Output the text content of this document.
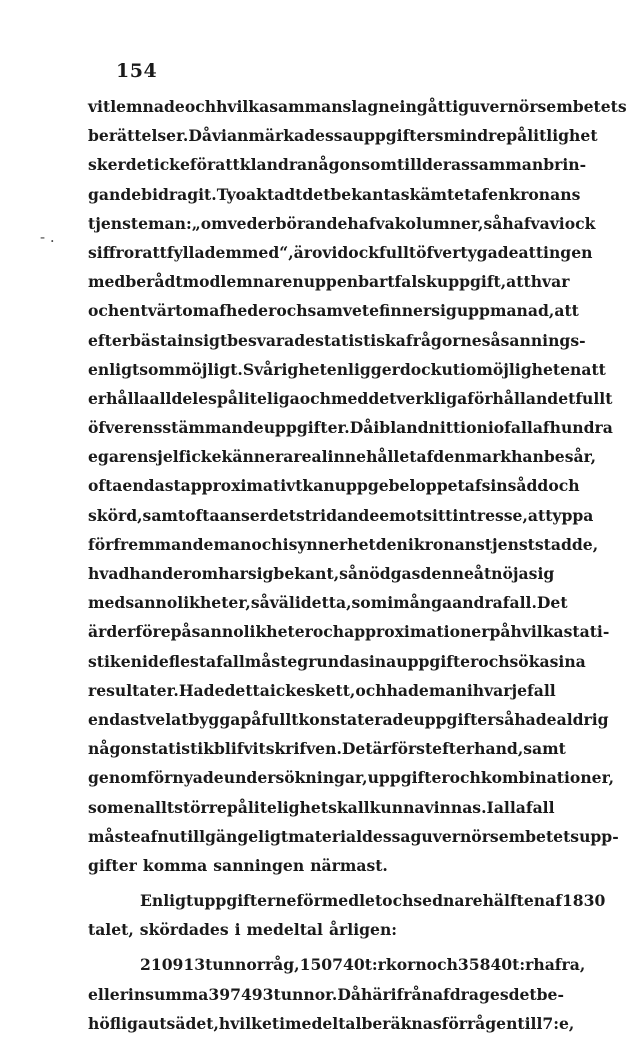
154
- .
vit lemnade och hvilka sammanslagne ingått i guvernörsembetets
berättelser. Då vi anmärka dessa uppgifters mindre pålitlighet
sker det icke för att klandra någon som till deras sammanbrin-
gande bidragit. Ty oaktadt det bekanta skämtet af en kronans
tjensteman: „om vederbörande hafva kolumner, så hafva vi ock
siffror att fylla dem med“, äro vi dock fullt öfvertygade att ingen
med berådt mod lemnar en uppenbart falsk uppgift, att hvar
och en tvärtom af heder och samvete finner sig uppmanad, att
efter bästa insigt besvara de statistiska frågorne så sannings-
enligt som möjligt. Svårigheten ligger dock uti omöjligheten att
erhålla alldeles påliteliga och med det verkliga förhållandet fullt
öfverensstämmande uppgifter. Då ibland nittionio fall af hundra
egaren sjelf icke känner arealinnehållet af den mark han besår,
ofta endast approximativt kan uppge beloppet af sin sådd och
skörd, samt ofta anser det stridande emot sitt intresse, att yppa
för fremmande man och i synnerhet den i kronans tjenst stadde,
hvad han derom har sig bekant, så nödgas denne åtnöja sig
med sannolikheter, såväl i detta, som i många andra fall. Det
är derföre på sannolikheter och approximationer på hvilka stati-
stiken i de flesta fall måste grunda sina uppgifter och söka sina
resultater. Hade detta icke skett, och hade man i hvarje fall
endast velat bygga på fullt konstaterade uppgifter så hade aldrig
någon statistik blifvit skrifven. Det är först efterhand, samt
genom förnyade undersökningar, uppgifter och kombinationer,
som en allt större pålitelighet skall kunna vinnas. I alla fall
måste af nu tillgängeligt material dessa guvernörsembetets upp-
gifter komma sanningen närmast.
Enligt uppgifterne för medlet och sednare hälften af 1830
talet, skördades i medeltal årligen:
210913 tunnor råg, 150740 t:r korn och 35840 t:r hafra,
eller in summa 397493 tunnor. Då härifrån afdrages det be-
höfliga utsädet, hvilket i medeltal beräknas för rågen till 7:e,
